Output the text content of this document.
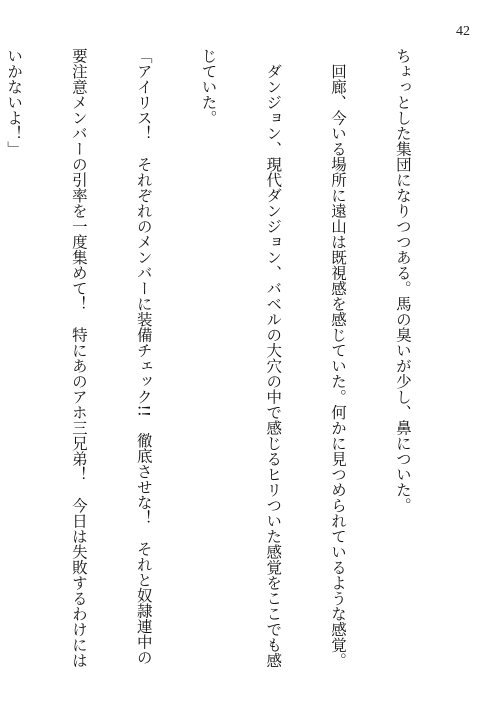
42

ちょっとした集団になりつつある。馬の臭いが少し、鼻についた。

　回廊、今いる場所に遠山は既視感を感じていた。何かに見つめられているような感覚。

　ダンジョン、現代ダンジョン、バベルの大穴の中で感じるヒリついた感覚をここでも感

じていた。

「アイリス！　それぞれのメンバーに装備チェック!!　徹底させな！　それと奴隷連中の

要注意メンバーの引率を一度集めて！　特にあのアホ三兄弟！　今日は失敗するわけには

いかないよ！」
